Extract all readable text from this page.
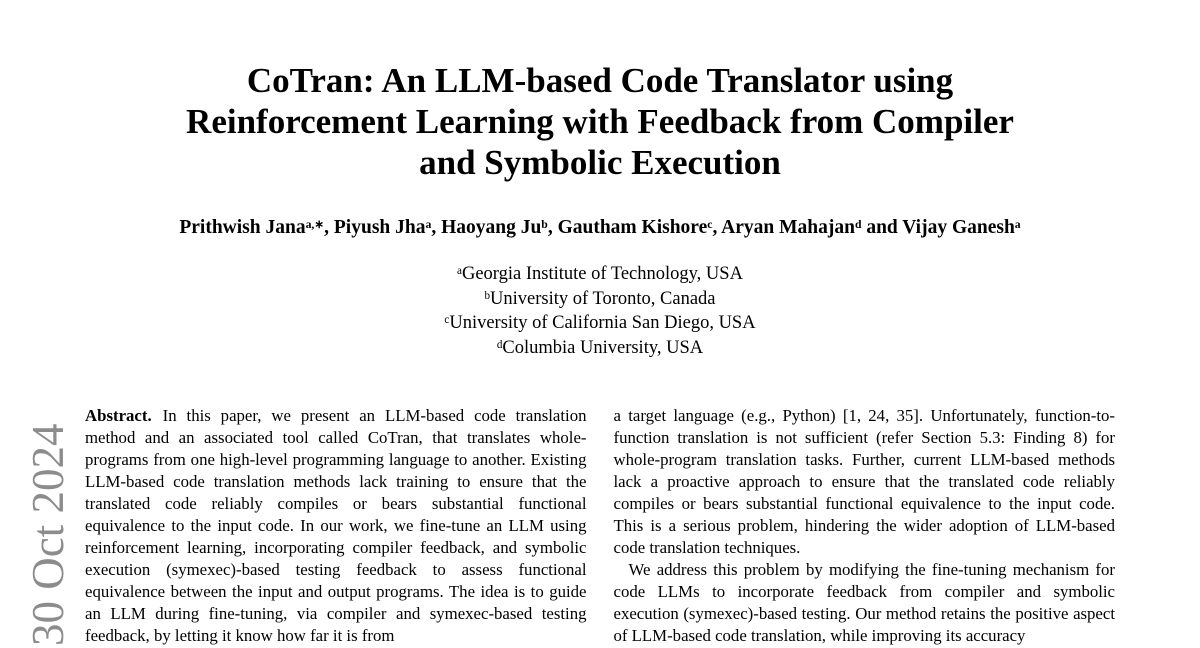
30 Oct 2024
CoTran: An LLM-based Code Translator using Reinforcement Learning with Feedback from Compiler and Symbolic Execution
Prithwish Jana$^{a,∗}$, Piyush Jha$^a$, Haoyang Ju$^b$, Gautham Kishore$^c$, Aryan Mahajan$^d$ and Vijay Ganesh$^a$
$^a$Georgia Institute of Technology, USA
$^b$University of Toronto, Canada
$^c$University of California San Diego, USA
$^d$Columbia University, USA

Abstract. In this paper, we present an LLM-based code translation method and an associated tool called CoTran, that translates whole-programs from one high-level programming language to another. Existing LLM-based code translation methods lack training to ensure that the translated code reliably compiles or bears substantial functional equivalence to the input code. In our work, we fine-tune an LLM using reinforcement learning, incorporating compiler feedback, and symbolic execution (symexec)-based testing feedback to assess functional equivalence between the input and output programs. The idea is to guide an LLM during fine-tuning, via compiler and symexec-based testing feedback, by letting it know how far it is from

a target language (e.g., Python) [1, 24, 35]. Unfortunately, function-to-function translation is not sufficient (refer Section 5.3: Finding 8) for whole-program translation tasks. Further, current LLM-based methods lack a proactive approach to ensure that the translated code reliably compiles or bears substantial functional equivalence to the input code. This is a serious problem, hindering the wider adoption of LLM-based code translation techniques.

We address this problem by modifying the fine-tuning mechanism for code LLMs to incorporate feedback from compiler and symbolic execution (symexec)-based testing. Our method retains the positive aspect of LLM-based code translation, while improving its accuracy
